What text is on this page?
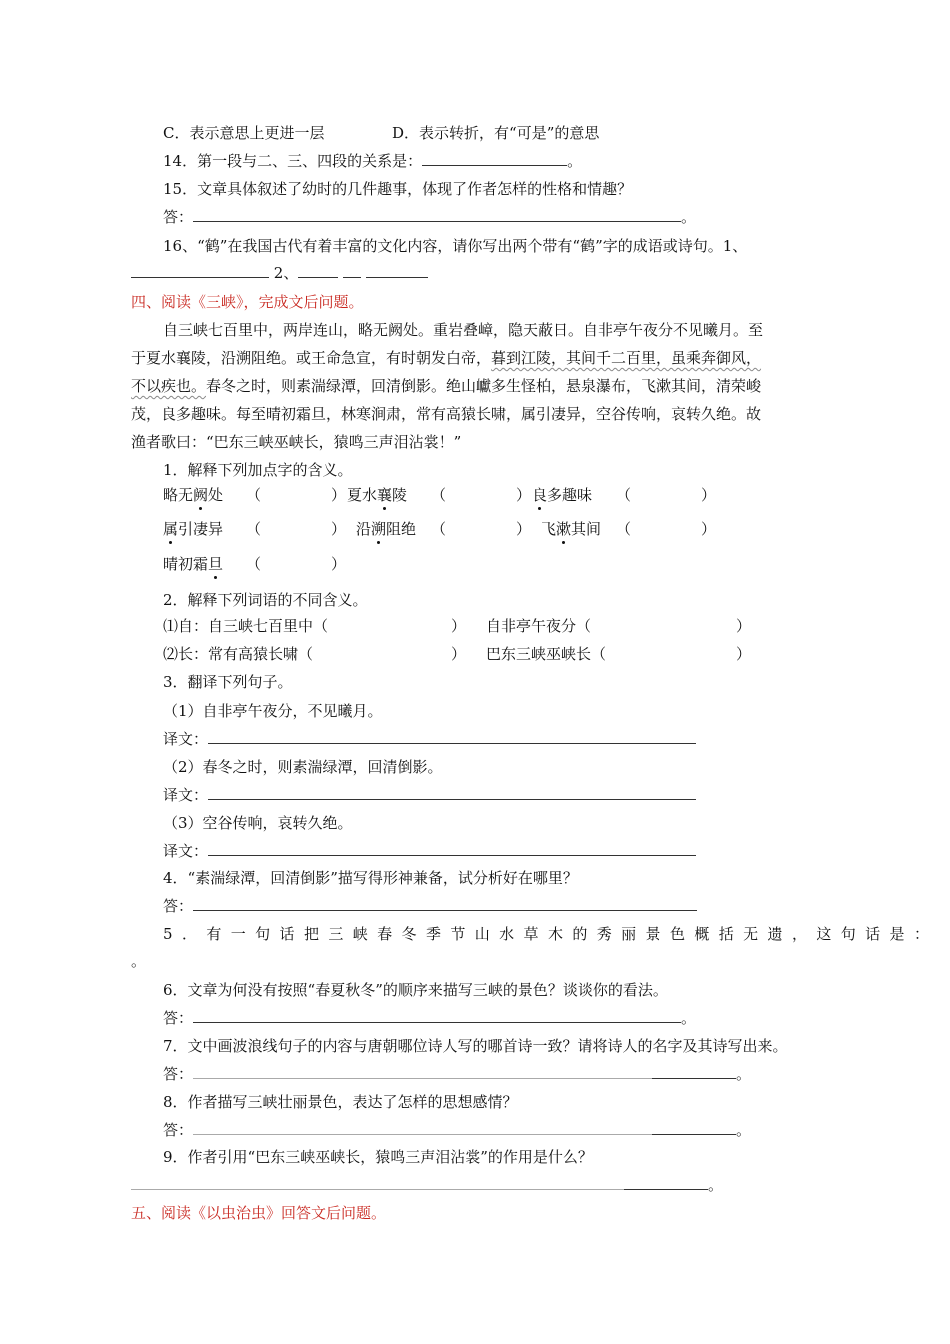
C．表示意思上更进一层	D．表示转折，有“可是”的意思
14．第一段与二、三、四段的关系是：	。
15．文章具体叙述了幼时的几件趣事，体现了作者怎样的性格和情趣？
答：	。
16、“鹤”在我国古代有着丰富的文化内容，请你写出两个带有“鹤”字的成语或诗句。1、
2、
四、阅读《三峡》，完成文后问题。
自三峡七百里中，两岸连山，略无阙处。重岩叠嶂，隐天蔽日。自非亭午夜分不见曦月。至
于夏水襄陵，沿溯阻绝。或王命急宣，有时朝发白帝，暮到江陵，其间千二百里，虽乘奔御风，
不以疾也。春冬之时，则素湍绿潭，回清倒影。绝山巘多生怪柏，悬泉瀑布，飞漱其间，清荣峻
茂，良多趣味。每至晴初霜旦，林寒涧肃，常有高猿长啸，属引凄异，空谷传响，哀转久绝。故
渔者歌曰：“巴东三峡巫峡长，猿鸣三声泪沾裳！”
1．解释下列加点字的含义。
略无阙处 （	） 夏水襄陵 （	） 良多趣味 （	）
属引凄异 （	） 沿溯阻绝 （	） 飞漱其间 （	）
晴初霜旦 （	）
2．解释下列词语的不同含义。
⑴自：自三峡七百里中（	） 自非亭午夜分（	）
⑵长：常有高猿长啸（	） 巴东三峡巫峡长（	）
3．翻译下列句子。
（1）自非亭午夜分，不见曦月。
译文：
（2）春冬之时，则素湍绿潭，回清倒影。
译文：
（3）空谷传响，哀转久绝。
译文：
4．“素湍绿潭，回清倒影”描写得形神兼备，试分析好在哪里？
答：
5．有一句话把三峡春冬季节山水草木的秀丽景色概括无遗，这句话是：
。
6．文章为何没有按照“春夏秋冬”的顺序来描写三峡的景色？谈谈你的看法。
答：	。
7．文中画波浪线句子的内容与唐朝哪位诗人写的哪首诗一致？请将诗人的名字及其诗写出来。
答：	。
8．作者描写三峡壮丽景色，表达了怎样的思想感情？
答：	。
9．作者引用“巴东三峡巫峡长，猿鸣三声泪沾裳”的作用是什么？
。
五、阅读《以虫治虫》回答文后问题。
